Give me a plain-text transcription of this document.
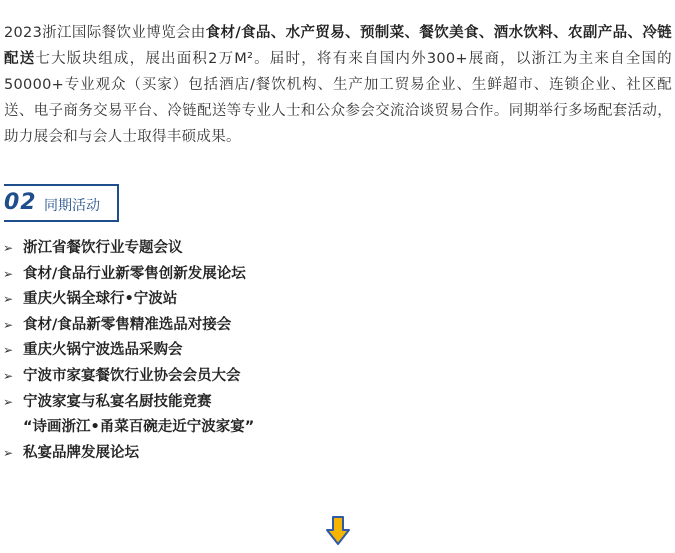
2023浙江国际餐饮业博览会由食材/食品、水产贸易、预制菜、餐饮美食、酒水饮料、农副产品、冷链配送七大版块组成，展出面积2万M²。届时，将有来自国内外300+展商，以浙江为主来自全国的50000+专业观众（买家）包括酒店/餐饮机构、生产加工贸易企业、生鲜超市、连锁企业、社区配送、电子商务交易平台、冷链配送等专业人士和公众参会交流洽谈贸易合作。同期举行多场配套活动，助力展会和与会人士取得丰硕成果。

02 同期活动
➢ 浙江省餐饮行业专题会议
➢ 食材/食品行业新零售创新发展论坛
➢ 重庆火锅全球行•宁波站
➢ 食材/食品新零售精准选品对接会
➢ 重庆火锅宁波选品采购会
➢ 宁波市家宴餐饮行业协会会员大会
➢ 宁波家宴与私宴名厨技能竞赛
“诗画浙江•甬菜百碗走近宁波家宴”
➢ 私宴品牌发展论坛
